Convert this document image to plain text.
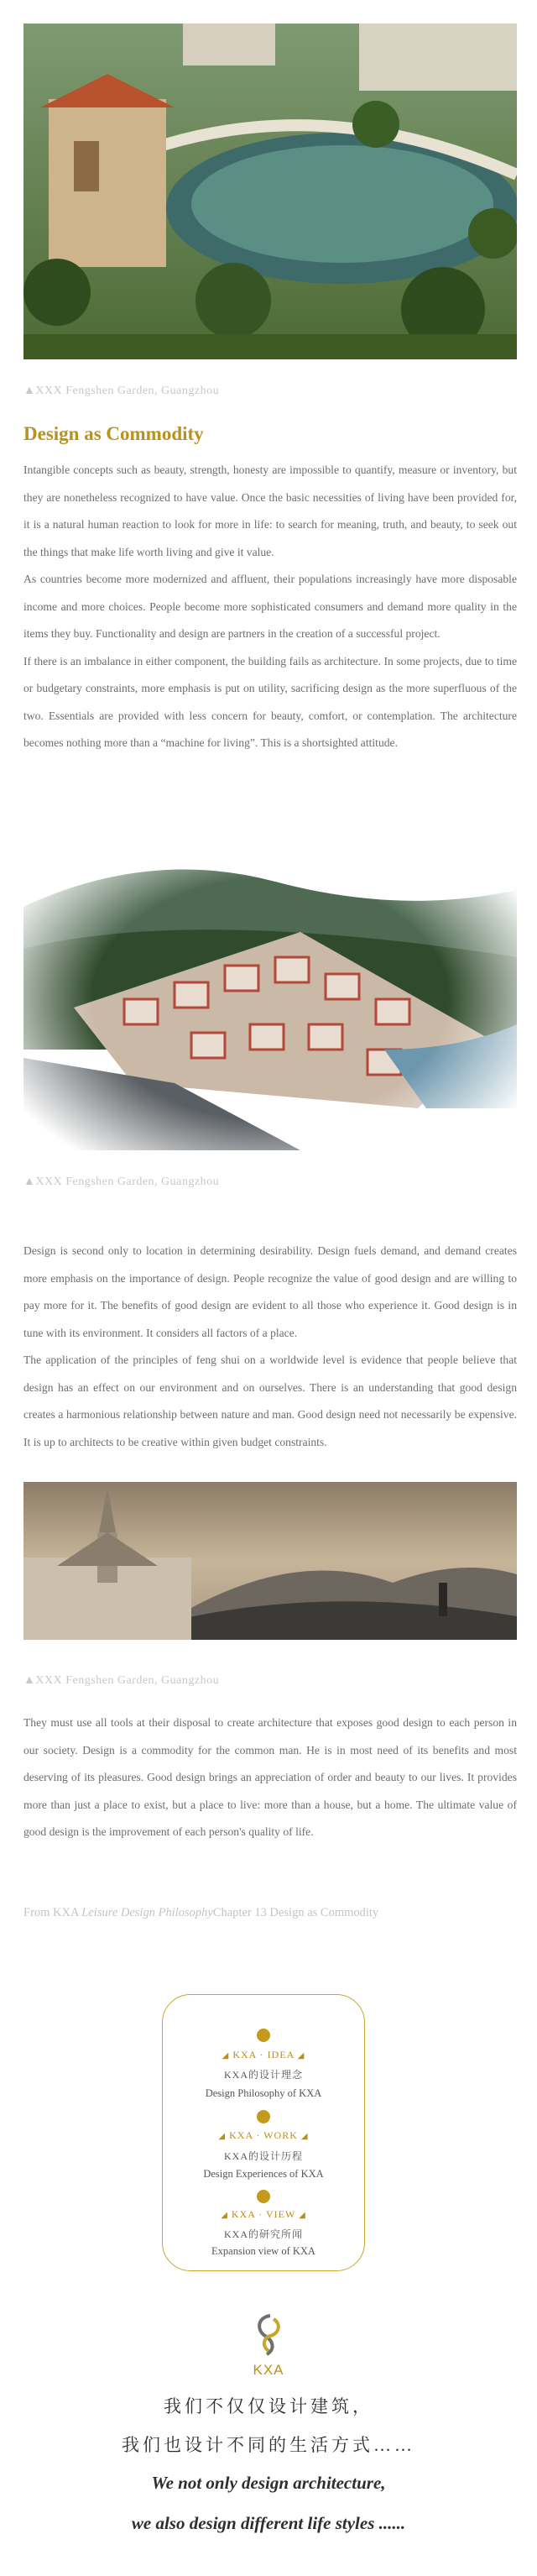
▲XXX Fengshen Garden, Guangzhou
Design as Commodity

Intangible concepts such as beauty, strength, honesty are impossible to quantify, measure or inventory, but they are nonetheless recognized to have value. Once the basic necessities of living have been provided for, it is a natural human reaction to look for more in life: to search for meaning, truth, and beauty, to seek out the things that make life worth living and give it value.

As countries become more modernized and affluent, their populations increasingly have more disposable income and more choices. People become more sophisticated consumers and demand more quality in the items they buy. Functionality and design are partners in the creation of a successful project.

If there is an imbalance in either component, the building fails as architecture. In some projects, due to time or budgetary constraints, more emphasis is put on utility, sacrificing design as the more superfluous of the two. Essentials are provided with less concern for beauty, comfort, or contemplation. The architecture becomes nothing more than a “machine for living”. This is a shortsighted attitude.

▲XXX Fengshen Garden, Guangzhou

Design is second only to location in determining desirability. Design fuels demand, and demand creates more emphasis on the importance of design. People recognize the value of good design and are willing to pay more for it. The benefits of good design are evident to all those who experience it. Good design is in tune with its environment. It considers all factors of a place.

The application of the principles of feng shui on a worldwide level is evidence that people believe that design has an effect on our environment and on ourselves. There is an understanding that good design creates a harmonious relationship between nature and man. Good design need not necessarily be expensive. It is up to architects to be creative within given budget constraints.

▲XXX Fengshen Garden, Guangzhou

They must use all tools at their disposal to create architecture that exposes good design to each person in our society. Design is a commodity for the common man. He is in most need of its benefits and most deserving of its pleasures. Good design brings an appreciation of order and beauty to our lives. It provides more than just a place to exist, but a place to live: more than a house, but a home. The ultimate value of good design is the improvement of each person's quality of life.

From KXA Leisure Design PhilosophyChapter 13 Design as Commodity
◢ KXA · IDEA ◢
KXA的设计理念
Design Philosophy of KXA
◢ KXA · WORK ◢
KXA的设计历程
Design Experiences of KXA
◢ KXA · VIEW ◢
KXA的研究所闻
Expansion view of KXA
KXA
我们不仅仅设计建筑，
我们也设计不同的生活方式……
We not only design architecture,
we also design different life styles ......
